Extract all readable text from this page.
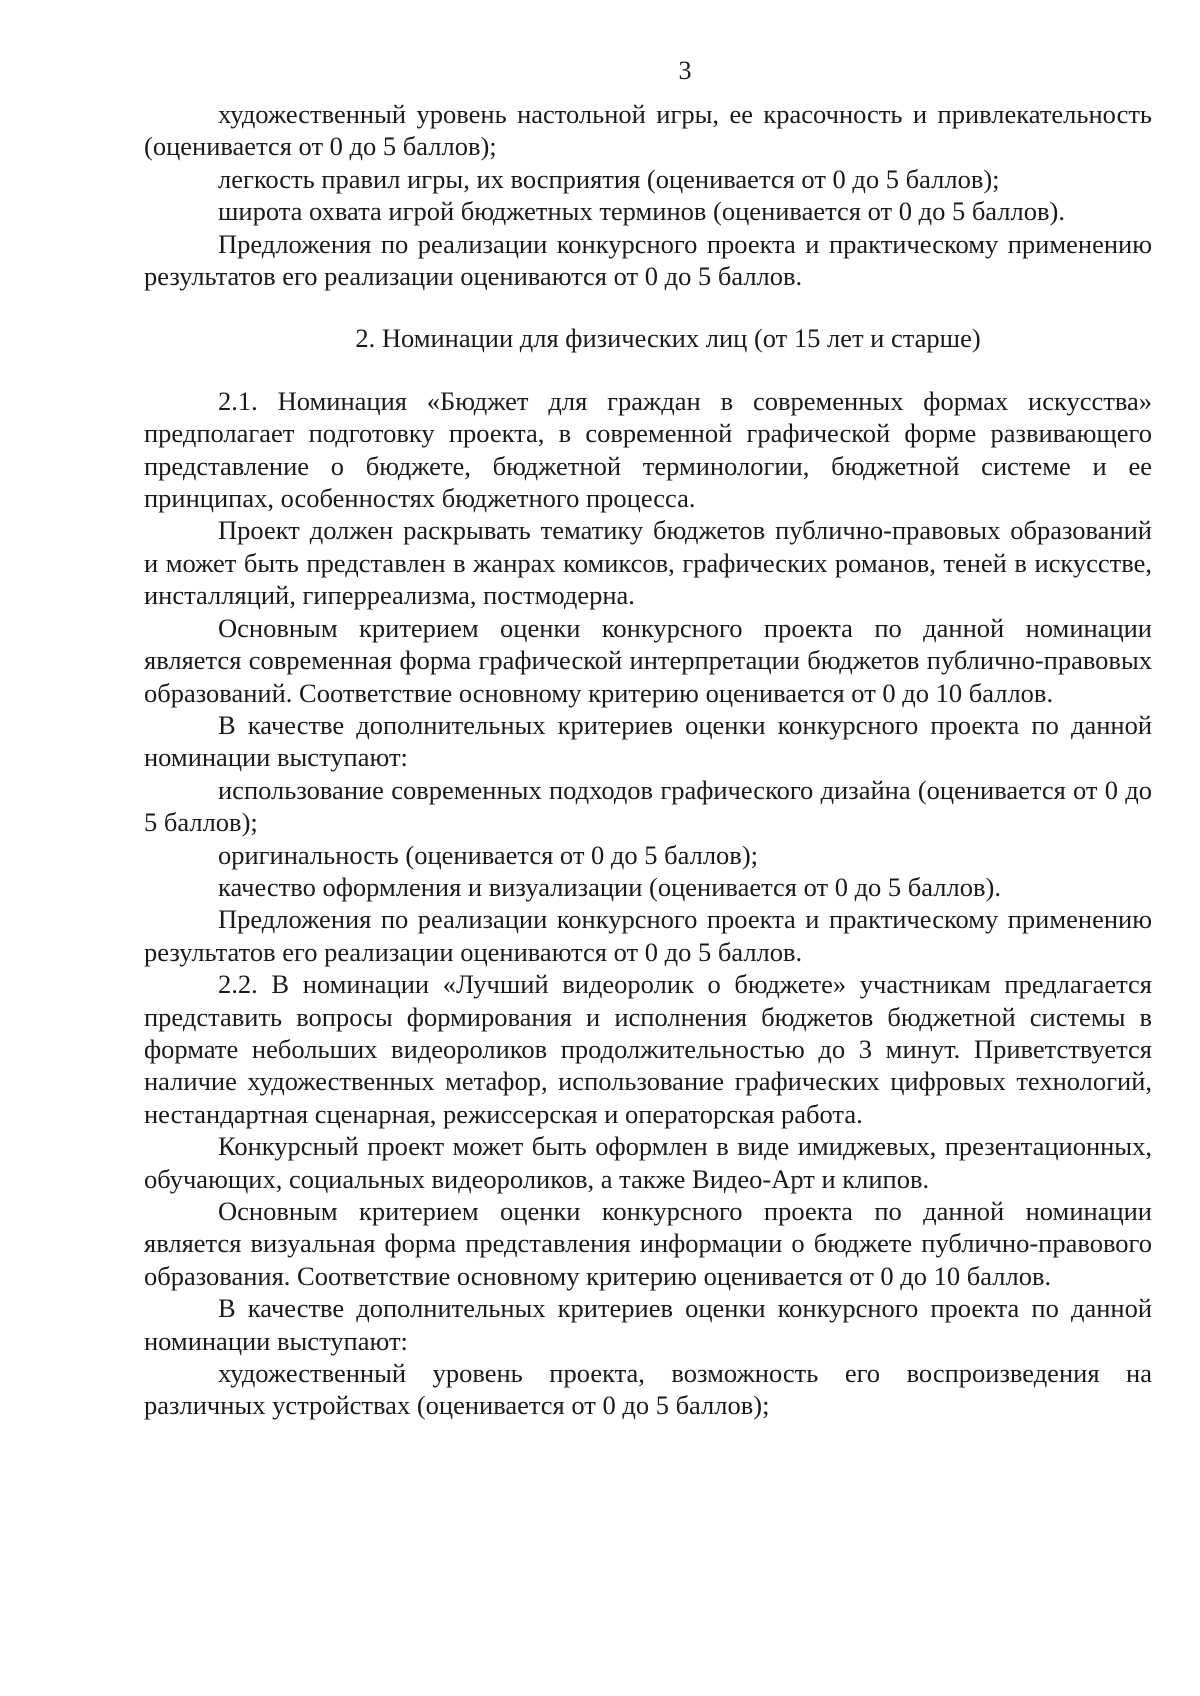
3

художественный уровень настольной игры, ее красочность и привлекательность (оценивается от 0 до 5 баллов);

легкость правил игры, их восприятия (оценивается от 0 до 5 баллов);

широта охвата игрой бюджетных терминов (оценивается от 0 до 5 баллов).

Предложения по реализации конкурсного проекта и практическому применению результатов его реализации оцениваются от 0 до 5 баллов.

2. Номинации для физических лиц (от 15 лет и старше)

2.1. Номинация «Бюджет для граждан в современных формах искусства» предполагает подготовку проекта, в современной графической форме развивающего представление о бюджете, бюджетной терминологии, бюджетной системе и ее принципах, особенностях бюджетного процесса.

Проект должен раскрывать тематику бюджетов публично-правовых образований и может быть представлен в жанрах комиксов, графических романов, теней в искусстве, инсталляций, гиперреализма, постмодерна.

Основным критерием оценки конкурсного проекта по данной номинации является современная форма графической интерпретации бюджетов публично-правовых образований. Соответствие основному критерию оценивается от 0 до 10 баллов.

В качестве дополнительных критериев оценки конкурсного проекта по данной номинации выступают:

использование современных подходов графического дизайна (оценивается от 0 до 5 баллов);

оригинальность (оценивается от 0 до 5 баллов);

качество оформления и визуализации (оценивается от 0 до 5 баллов).

Предложения по реализации конкурсного проекта и практическому применению результатов его реализации оцениваются от 0 до 5 баллов.

2.2. В номинации «Лучший видеоролик о бюджете» участникам предлагается представить вопросы формирования и исполнения бюджетов бюджетной системы в формате небольших видеороликов продолжительностью до 3 минут. Приветствуется наличие художественных метафор, использование графических цифровых технологий, нестандартная сценарная, режиссерская и операторская работа.

Конкурсный проект может быть оформлен в виде имиджевых, презентационных, обучающих, социальных видеороликов, а также Видео-Арт и клипов.

Основным критерием оценки конкурсного проекта по данной номинации является визуальная форма представления информации о бюджете публично-правового образования. Соответствие основному критерию оценивается от 0 до 10 баллов.

В качестве дополнительных критериев оценки конкурсного проекта по данной номинации выступают:

художественный уровень проекта, возможность его воспроизведения на различных устройствах (оценивается от 0 до 5 баллов);
